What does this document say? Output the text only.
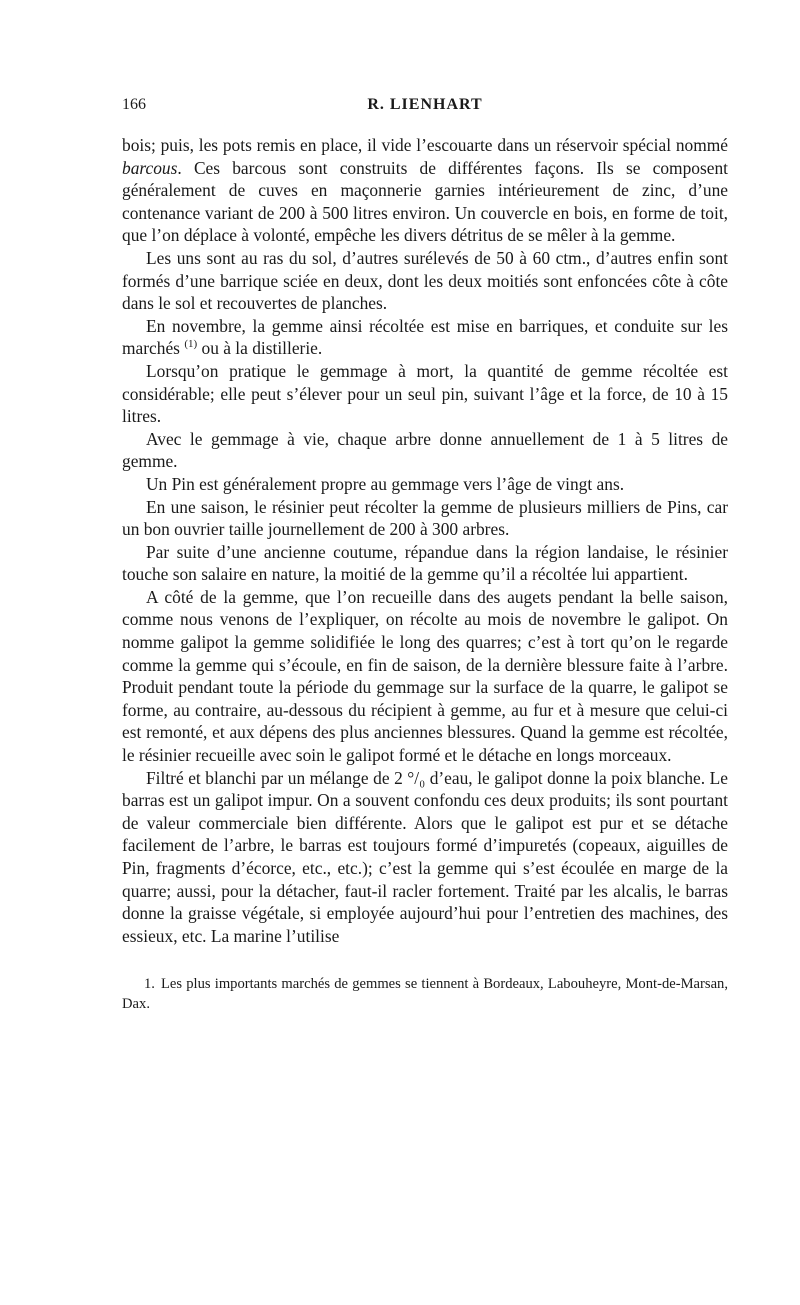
166	R. LIENHART

bois; puis, les pots remis en place, il vide l’escouarte dans un réservoir spécial nommé barcous. Ces barcous sont construits de différentes façons. Ils se composent généralement de cuves en maçonnerie garnies intérieurement de zinc, d’une contenance variant de 200 à 500 litres environ. Un couvercle en bois, en forme de toit, que l’on déplace à volonté, empêche les divers détritus de se mêler à la gemme.

Les uns sont au ras du sol, d’autres surélevés de 50 à 60 ctm., d’autres enfin sont formés d’une barrique sciée en deux, dont les deux moitiés sont enfoncées côte à côte dans le sol et recouvertes de planches.

En novembre, la gemme ainsi récoltée est mise en barriques, et conduite sur les marchés $^{(1)}$ ou à la distillerie.

Lorsqu’on pratique le gemmage à mort, la quantité de gemme récoltée est considérable; elle peut s’élever pour un seul pin, suivant l’âge et la force, de 10 à 15 litres.

Avec le gemmage à vie, chaque arbre donne annuellement de 1 à 5 litres de gemme.

Un Pin est généralement propre au gemmage vers l’âge de vingt ans.

En une saison, le résinier peut récolter la gemme de plusieurs milliers de Pins, car un bon ouvrier taille journellement de 200 à 300 arbres.

Par suite d’une ancienne coutume, répandue dans la région landaise, le résinier touche son salaire en nature, la moitié de la gemme qu’il a récoltée lui appartient.

A côté de la gemme, que l’on recueille dans des augets pendant la belle saison, comme nous venons de l’expliquer, on récolte au mois de novembre le galipot. On nomme galipot la gemme solidifiée le long des quarres; c’est à tort qu’on le regarde comme la gemme qui s’écoule, en fin de saison, de la dernière blessure faite à l’arbre. Produit pendant toute la période du gemmage sur la surface de la quarre, le galipot se forme, au contraire, au-dessous du récipient à gemme, au fur et à mesure que celui-ci est remonté, et aux dépens des plus anciennes blessures. Quand la gemme est récoltée, le résinier recueille avec soin le galipot formé et le détache en longs morceaux.

Filtré et blanchi par un mélange de 2 °/₀ d’eau, le galipot donne la poix blanche. Le barras est un galipot impur. On a souvent confondu ces deux produits; ils sont pourtant de valeur commerciale bien différente. Alors que le galipot est pur et se détache facilement de l’arbre, le barras est toujours formé d’impuretés (copeaux, aiguilles de Pin, fragments d’écorce, etc., etc.); c’est la gemme qui s’est écoulée en marge de la quarre; aussi, pour la détacher, faut-il racler fortement. Traité par les alcalis, le barras donne la graisse végétale, si employée aujourd’hui pour l’entretien des machines, des essieux, etc. La marine l’utilise

1. Les plus importants marchés de gemmes se tiennent à Bordeaux, Labouheyre, Mont-de-Marsan, Dax.
